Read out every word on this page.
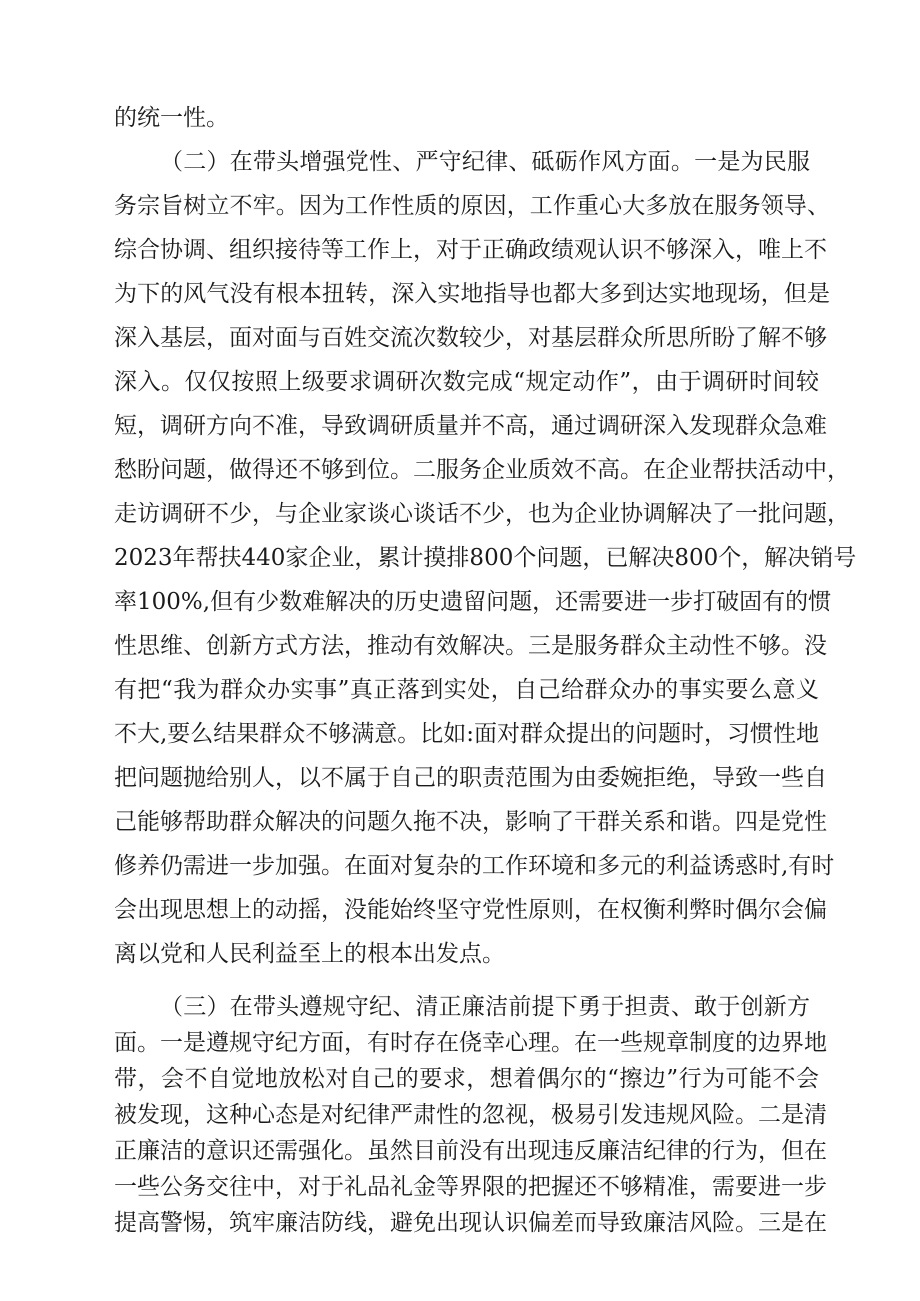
的统一性。
（二）在带头增强党性、严守纪律、砥砺作风方面。一是为民服
务宗旨树立不牢。因为工作性质的原因，工作重心大多放在服务领导、
综合协调、组织接待等工作上，对于正确政绩观认识不够深入，唯上不
为下的风气没有根本扭转，深入实地指导也都大多到达实地现场，但是
深入基层，面对面与百姓交流次数较少，对基层群众所思所盼了解不够
深入。仅仅按照上级要求调研次数完成“规定动作”，由于调研时间较
短，调研方向不准，导致调研质量并不高，通过调研深入发现群众急难
愁盼问题，做得还不够到位。二服务企业质效不高。在企业帮扶活动中，
走访调研不少，与企业家谈心谈话不少，也为企业协调解决了一批问题，
2023年帮扶440家企业，累计摸排800个问题，已解决800个，解决销号
率100%,但有少数难解决的历史遗留问题，还需要进一步打破固有的惯
性思维、创新方式方法，推动有效解决。三是服务群众主动性不够。没
有把“我为群众办实事”真正落到实处，自己给群众办的事实要么意义
不大,要么结果群众不够满意。比如:面对群众提出的问题时，习惯性地
把问题抛给别人，以不属于自己的职责范围为由委婉拒绝，导致一些自
己能够帮助群众解决的问题久拖不决，影响了干群关系和谐。四是党性
修养仍需进一步加强。在面对复杂的工作环境和多元的利益诱惑时,有时
会出现思想上的动摇，没能始终坚守党性原则，在权衡利弊时偶尔会偏
离以党和人民利益至上的根本出发点。
（三）在带头遵规守纪、清正廉洁前提下勇于担责、敢于创新方
面。一是遵规守纪方面，有时存在侥幸心理。在一些规章制度的边界地
带，会不自觉地放松对自己的要求，想着偶尔的“擦边”行为可能不会
被发现，这种心态是对纪律严肃性的忽视，极易引发违规风险。二是清
正廉洁的意识还需强化。虽然目前没有出现违反廉洁纪律的行为，但在
一些公务交往中，对于礼品礼金等界限的把握还不够精准，需要进一步
提高警惕，筑牢廉洁防线，避免出现认识偏差而导致廉洁风险。三是在
